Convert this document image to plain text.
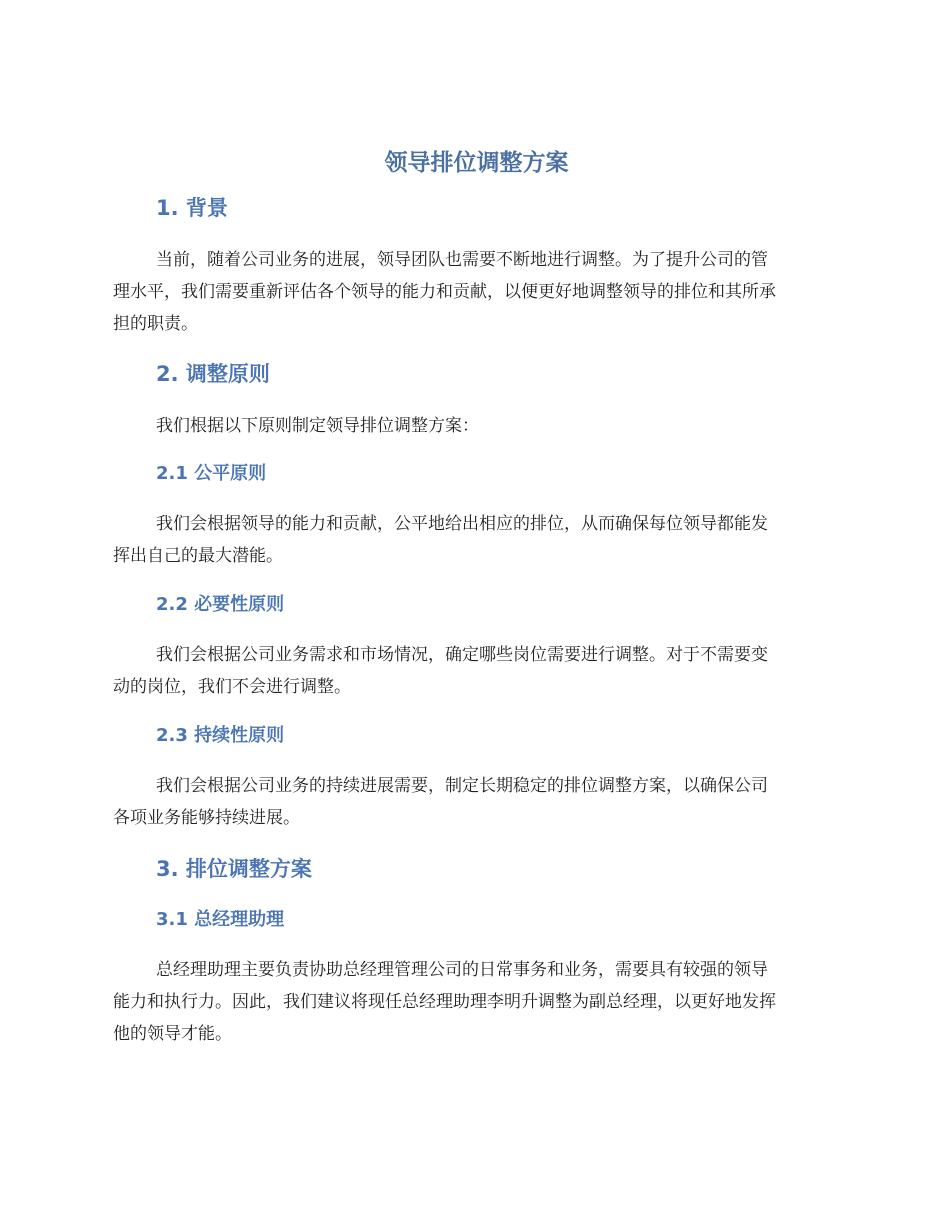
领导排位调整方案
1. 背景
当前，随着公司业务的进展，领导团队也需要不断地进行调整。为了提升公司的管
理水平，我们需要重新评估各个领导的能力和贡献，以便更好地调整领导的排位和其所承
担的职责。
2. 调整原则
我们根据以下原则制定领导排位调整方案：
2.1 公平原则
我们会根据领导的能力和贡献，公平地给出相应的排位，从而确保每位领导都能发
挥出自己的最大潜能。
2.2 必要性原则
我们会根据公司业务需求和市场情况，确定哪些岗位需要进行调整。对于不需要变
动的岗位，我们不会进行调整。
2.3 持续性原则
我们会根据公司业务的持续进展需要，制定长期稳定的排位调整方案，以确保公司
各项业务能够持续进展。
3. 排位调整方案
3.1 总经理助理
总经理助理主要负责协助总经理管理公司的日常事务和业务，需要具有较强的领导
能力和执行力。因此，我们建议将现任总经理助理李明升调整为副总经理，以更好地发挥
他的领导才能。
